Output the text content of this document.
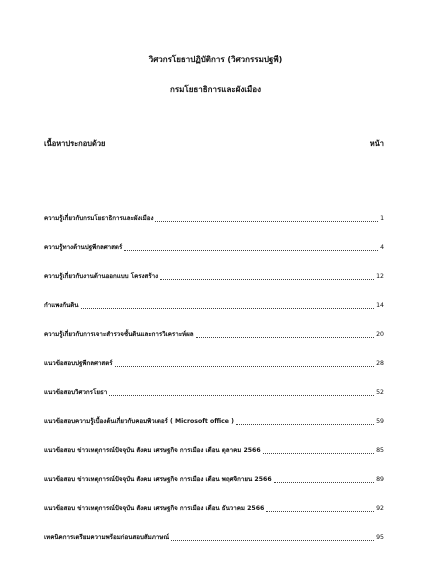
วิศวกรโยธาปฏิบัติการ (วิศวกรรมปฐพี)
กรมโยธาธิการและผังเมือง
เนื้อหาประกอบด้วย	หน้า
ความรู้เกี่ยวกับกรมโยธาธิการและผังเมือง	1
ความรู้ทางด้านปฐพีกลศาสตร์	4
ความรู้เกี่ยวกับงานด้านออกแบบ โครงสร้าง	12
กำแพงกันดิน	14
ความรู้เกี่ยวกับการเจาะสำรวจชั้นดินและการวิเคราะห์ผล	20
แนวข้อสอบปฐพีกลศาสตร์	28
แนวข้อสอบวิศวกรโยธา	52
แนวข้อสอบความรู้เบื้องต้นเกี่ยวกับคอมพิวเตอร์ ( Microsoft office )	59
แนวข้อสอบ ข่าวเหตุการณ์ปัจจุบัน สังคม เศรษฐกิจ การเมือง เดือน ตุลาคม 2566	85
แนวข้อสอบ ข่าวเหตุการณ์ปัจจุบัน สังคม เศรษฐกิจ การเมือง เดือน พฤศจิกายน 2566	89
แนวข้อสอบ ข่าวเหตุการณ์ปัจจุบัน สังคม เศรษฐกิจ การเมือง เดือน ธันวาคม 2566	92
เทคนิคการเตรียมความพร้อมก่อนสอบสัมภาษณ์	95
